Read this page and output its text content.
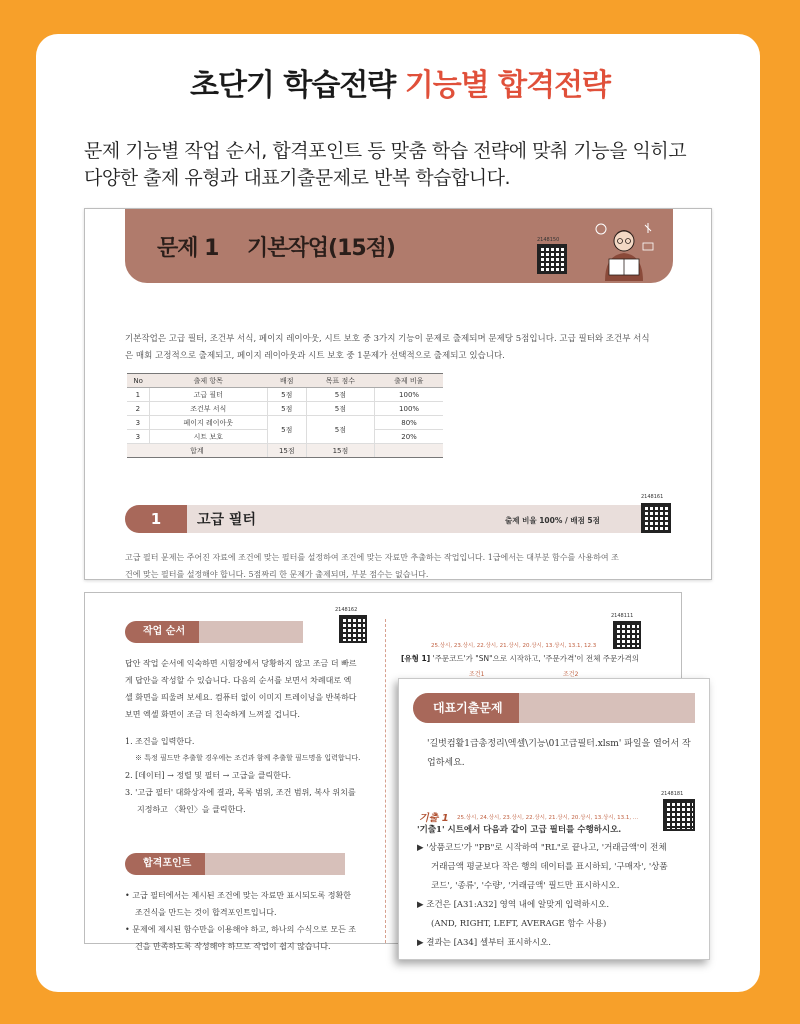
초단기 학습전략 기능별 합격전략
문제 기능별 작업 순서, 합격포인트 등 맞춤 학습 전략에 맞춰 기능을 익히고
다양한 출제 유형과 대표기출문제로 반복 학습합니다.
문제 1 기본작업(15점)	2148150
기본작업은 고급 필터, 조건부 서식, 페이지 레이아웃, 시트 보호 중 3가지 기능이 문제로 출제되며 문제당 5점입니다. 고급 필터와 조건부 서식
은 매회 고정적으로 출제되고, 페이지 레이아웃과 시트 보호 중 1문제가 선택적으로 출제되고 있습니다.
No	출제 항목	배점	목표 점수	출제 비율
1	고급 필터	5점	5점	100%
2	조건부 서식	5점	5점	100%
3	페이지 레이아웃	5점	5점	80%
3	시트 보호			20%
합계		15점	15점	
2148161
1	고급 필터	출제 비율 100% / 배점 5점
고급 필터 문제는 주어진 자료에 조건에 맞는 필터를 설정하여 조건에 맞는 자료만 추출하는 작업입니다. 1급에서는 대부분 함수를 사용하여 조
건에 맞는 필터를 설정해야 합니다. 5점짜리 한 문제가 출제되며, 부분 점수는 없습니다.
2148162
작업 순서
답안 작업 순서에 익숙하면 시험장에서 당황하지 않고 조금 더 빠르
게 답안을 작성할 수 있습니다. 다음의 순서를 보면서 차례대로 엑
셀 화면을 띄울려 보세요. 컴퓨터 없이 이미지 트레이닝을 반복하다
보면 엑셀 화면이 조금 더 친숙하게 느껴질 겁니다.
1. 조건을 입력한다.
※ 특정 필드만 추출할 경우에는 조건과 함께 추출할 필드명을 입력합니다.
2. [데이터] → 정렬 및 필터 → 고급을 클릭한다.
3. '고급 필터' 대화상자에 결과, 목록 범위, 조건 범위, 복사 위치를
지정하고 〈확인〉을 클릭한다.
합격포인트
• 고급 필터에서는 제시된 조건에 맞는 자료만 표시되도록 정확한
조건식을 만드는 것이 합격포인트입니다.
• 문제에 제시된 함수만을 이용해야 하고, 하나의 수식으로 모든 조
건을 만족하도록 작성해야 하므로 작업이 쉽지 않습니다.
2148111
25.상시, 23.상시, 22.상시, 21.상시, 20.상시, 13.상시, 13.1, 12.3
[유형 1] '주문코드'가 "SN"으로 시작하고, '주문가격'이 전체 주문가격의
조건1	조건2
대표기출문제
'길벗컴활1급총정리\엑셀\기능\01고급필터.xlsm' 파일을 열어서 작
업하세요.
2148181
기출 1 25.상시, 24.상시, 23.상시, 22.상시, 21.상시, 20.상시, 13.상시, 13.1, ...
'기출1' 시트에서 다음과 같이 고급 필터를 수행하시오.
▶ '상품코드'가 "PB"로 시작하여 "RL"로 끝나고, '거래금액'이 전체
거래금액 평균보다 작은 행의 데이터를 표시하되, '구매자', '상품
코드', '종류', '수량', '거래금액' 필드만 표시하시오.
▶ 조건은 [A31:A32] 영역 내에 알맞게 입력하시오.
(AND, RIGHT, LEFT, AVERAGE 함수 사용)
▶ 결과는 [A34] 셀부터 표시하시오.
